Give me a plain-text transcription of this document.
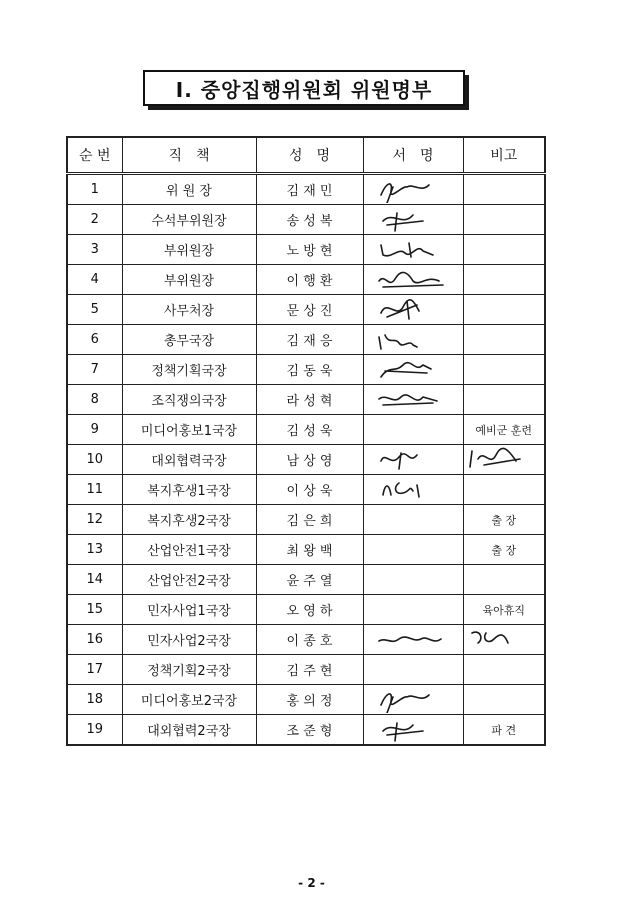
Ⅰ. 중앙집행위원회 위원명부
순 번	직　책	성　명	서　명	비고
1	위 원 장	김 재 민	

2	수석부위원장	송 성 복	

3	부위원장	노 방 현	

4	부위원장	이 행 환	

5	사무처장	문 상 진	

6	총무국장	김 재 응	

7	정책기획국장	김 동 욱	

8	조직쟁의국장	라 성 혁	

9	미디어홍보1국장	김 성 욱		예비군 훈련
10	대외협력국장	남 상 영	

11	복지후생1국장	이 상 욱	

12	복지후생2국장	김 은 희		출 장
13	산업안전1국장	최 왕 백		출 장
14	산업안전2국장	윤 주 열		
15	민자사업1국장	오 영 하		육아휴직
16	민자사업2국장	이 종 호	

17	정책기획2국장	김 주 현		
18	미디어홍보2국장	홍 의 정	

19	대외협력2국장	조 준 형		파 견
- 2 -
